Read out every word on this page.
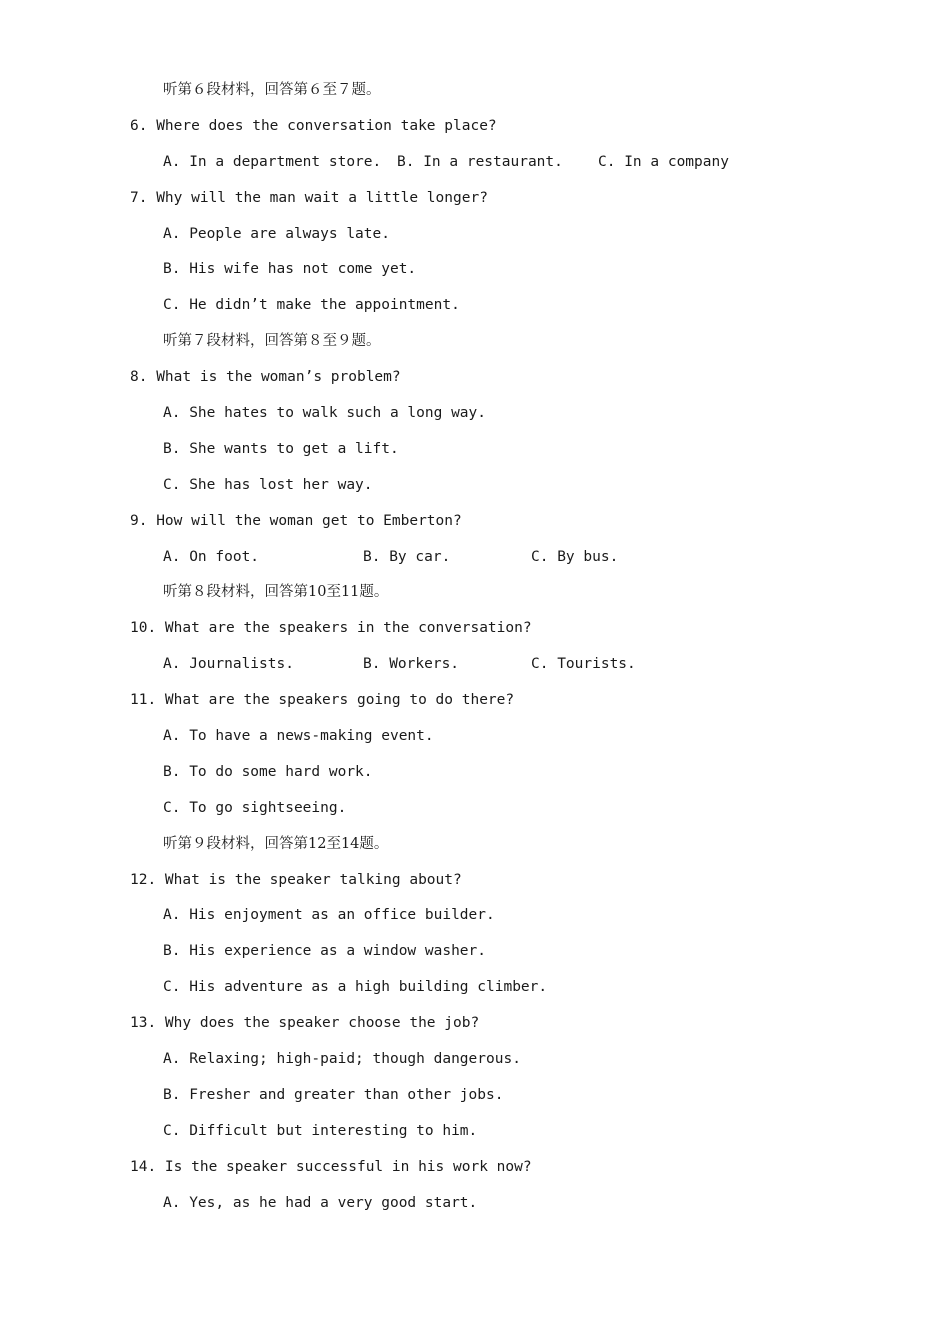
听第６段材料，回答第６至７题。
6. Where does the conversation take place?
A. In a department store. B. In a restaurant. C. In a company
7. Why will the man wait a little longer?
A. People are always late.
B. His wife has not come yet.
C. He didn’t make the appointment.
听第７段材料，回答第８至９题。
8. What is the woman’s problem?
A. She hates to walk such a long way.
B. She wants to get a lift.
C. She has lost her way.
9. How will the woman get to Emberton?
A. On foot.	B. By car.	C. By bus.
听第８段材料，回答第10至11题。
10. What are the speakers in the conversation?
A. Journalists.	B. Workers.	C. Tourists.
11. What are the speakers going to do there?
A. To have a news-making event.
B. To do some hard work.
C. To go sightseeing.
听第９段材料，回答第12至14题。
12. What is the speaker talking about?
A. His enjoyment as an office builder.
B. His experience as a window washer.
C. His adventure as a high building climber.
13. Why does the speaker choose the job?
A. Relaxing; high-paid; though dangerous.
B. Fresher and greater than other jobs.
C. Difficult but interesting to him.
14. Is the speaker successful in his work now?
A. Yes, as he had a very good start.
